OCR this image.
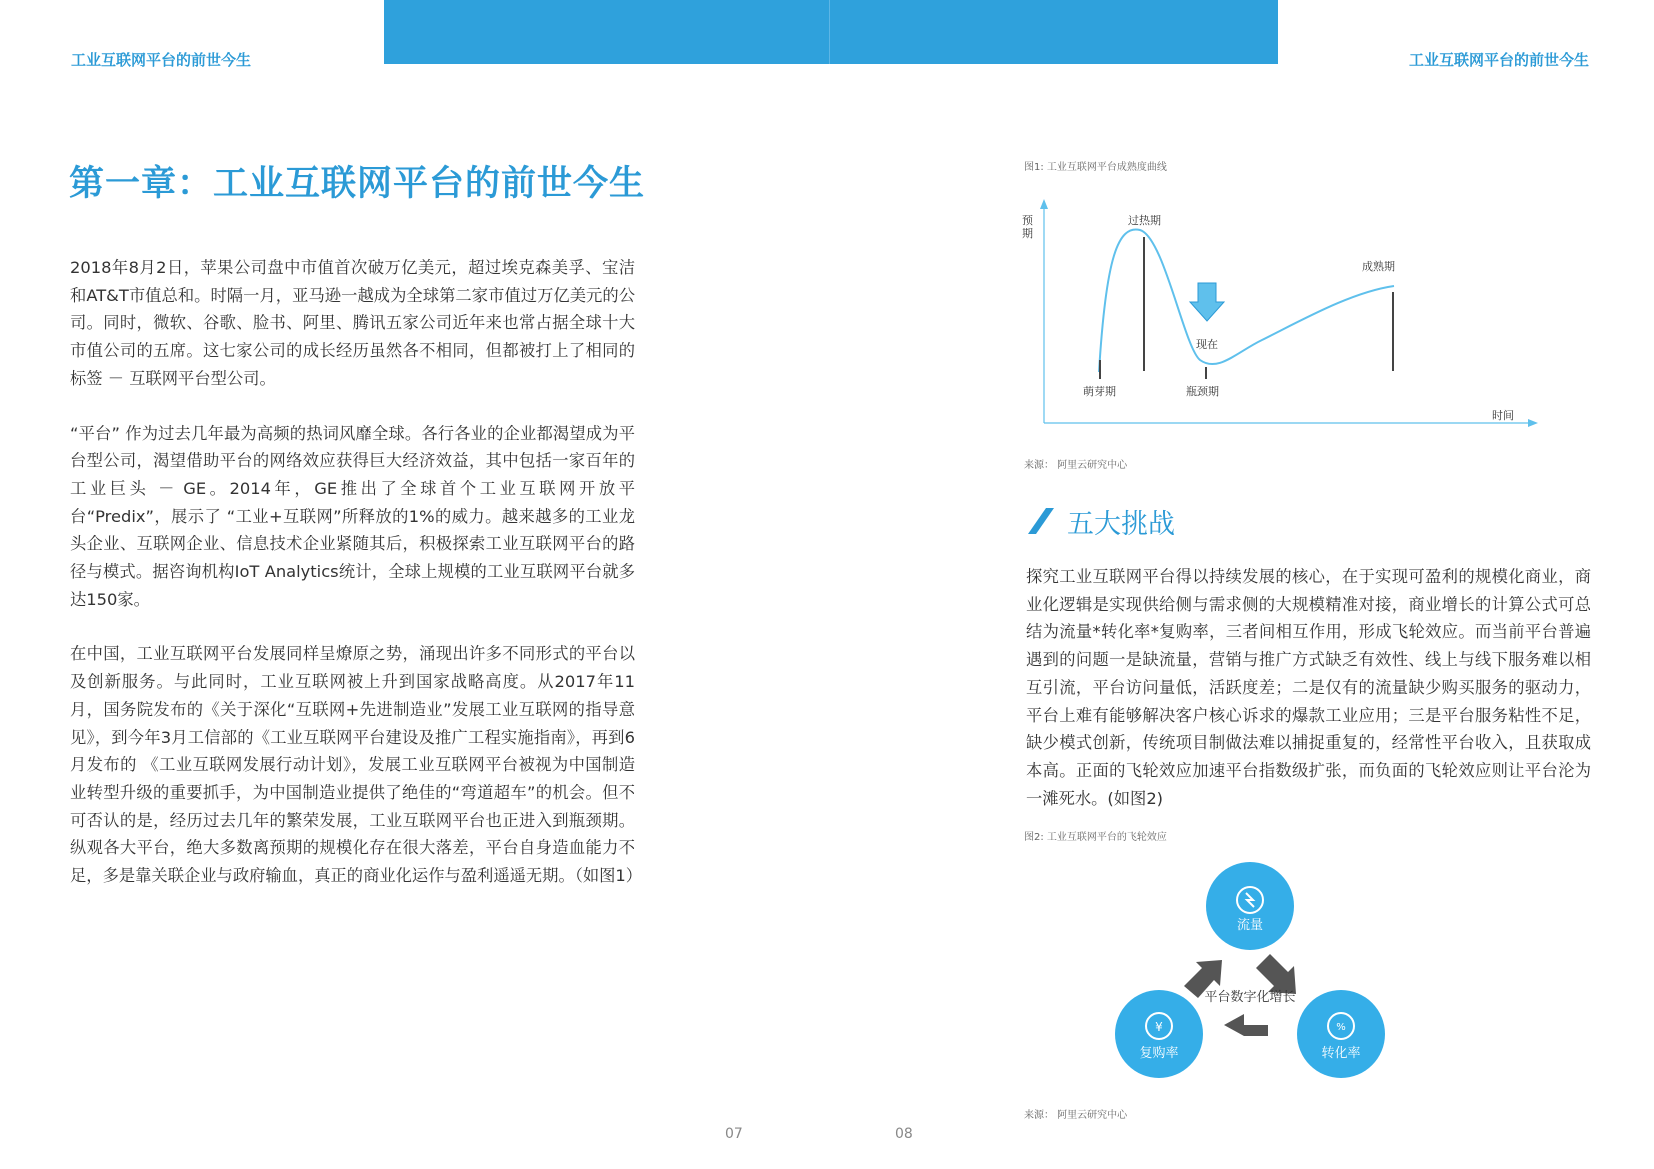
工业互联网平台的前世今生	工业互联网平台的前世今生
第一章：工业互联网平台的前世今生

2018年8月2日，苹果公司盘中市值首次破万亿美元，超过埃克森美孚、宝洁和AT&T市值总和。时隔一月，亚马逊一越成为全球第二家市值过万亿美元的公司。同时，微软、谷歌、脸书、阿里、腾讯五家公司近年来也常占据全球十大市值公司的五席。这七家公司的成长经历虽然各不相同，但都被打上了相同的标签 － 互联网平台型公司。

“平台” 作为过去几年最为高频的热词风靡全球。各行各业的企业都渴望成为平台型公司，渴望借助平台的网络效应获得巨大经济效益，其中包括一家百年的工业巨头 － GE。2014年，GE推出了全球首个工业互联网开放平台“Predix”，展示了 “工业+互联网”所释放的1%的威力。越来越多的工业龙头企业、互联网企业、信息技术企业紧随其后，积极探索工业互联网平台的路径与模式。据咨询机构IoT Analytics统计，全球上规模的工业互联网平台就多达150家。

在中国，工业互联网平台发展同样呈燎原之势，涌现出许多不同形式的平台以及创新服务。与此同时，工业互联网被上升到国家战略高度。从2017年11月，国务院发布的《关于深化“互联网+先进制造业”发展工业互联网的指导意见》，到今年3月工信部的《工业互联网平台建设及推广工程实施指南》，再到6月发布的 《工业互联网发展行动计划》，发展工业互联网平台被视为中国制造业转型升级的重要抓手，为中国制造业提供了绝佳的“弯道超车”的机会。但不可否认的是，经历过去几年的繁荣发展，工业互联网平台也正进入到瓶颈期。纵观各大平台，绝大多数离预期的规模化存在很大落差，平台自身造血能力不足，多是靠关联企业与政府输血，真正的商业化运作与盈利遥遥无期。（如图1）

图1: 工业互联网平台成熟度曲线
预
期
过热期
成熟期
现在
萌芽期	瓶颈期
时间
来源： 阿里云研究中心
五大挑战

探究工业互联网平台得以持续发展的核心，在于实现可盈利的规模化商业，商业化逻辑是实现供给侧与需求侧的大规模精准对接，商业增长的计算公式可总结为流量*转化率*复购率，三者间相互作用，形成飞轮效应。而当前平台普遍遇到的问题一是缺流量，营销与推广方式缺乏有效性、线上与线下服务难以相互引流，平台访问量低，活跃度差；二是仅有的流量缺少购买服务的驱动力，平台上难有能够解决客户核心诉求的爆款工业应用；三是平台服务粘性不足，缺少模式创新，传统项目制做法难以捕捉重复的，经常性平台收入，且获取成本高。正面的飞轮效应加速平台指数级扩张，而负面的飞轮效应则让平台沦为一滩死水。(如图2)

图2: 工业互联网平台的飞轮效应
流量
%
转化率
¥
复购率
平台数字化增长
来源： 阿里云研究中心
07	08
